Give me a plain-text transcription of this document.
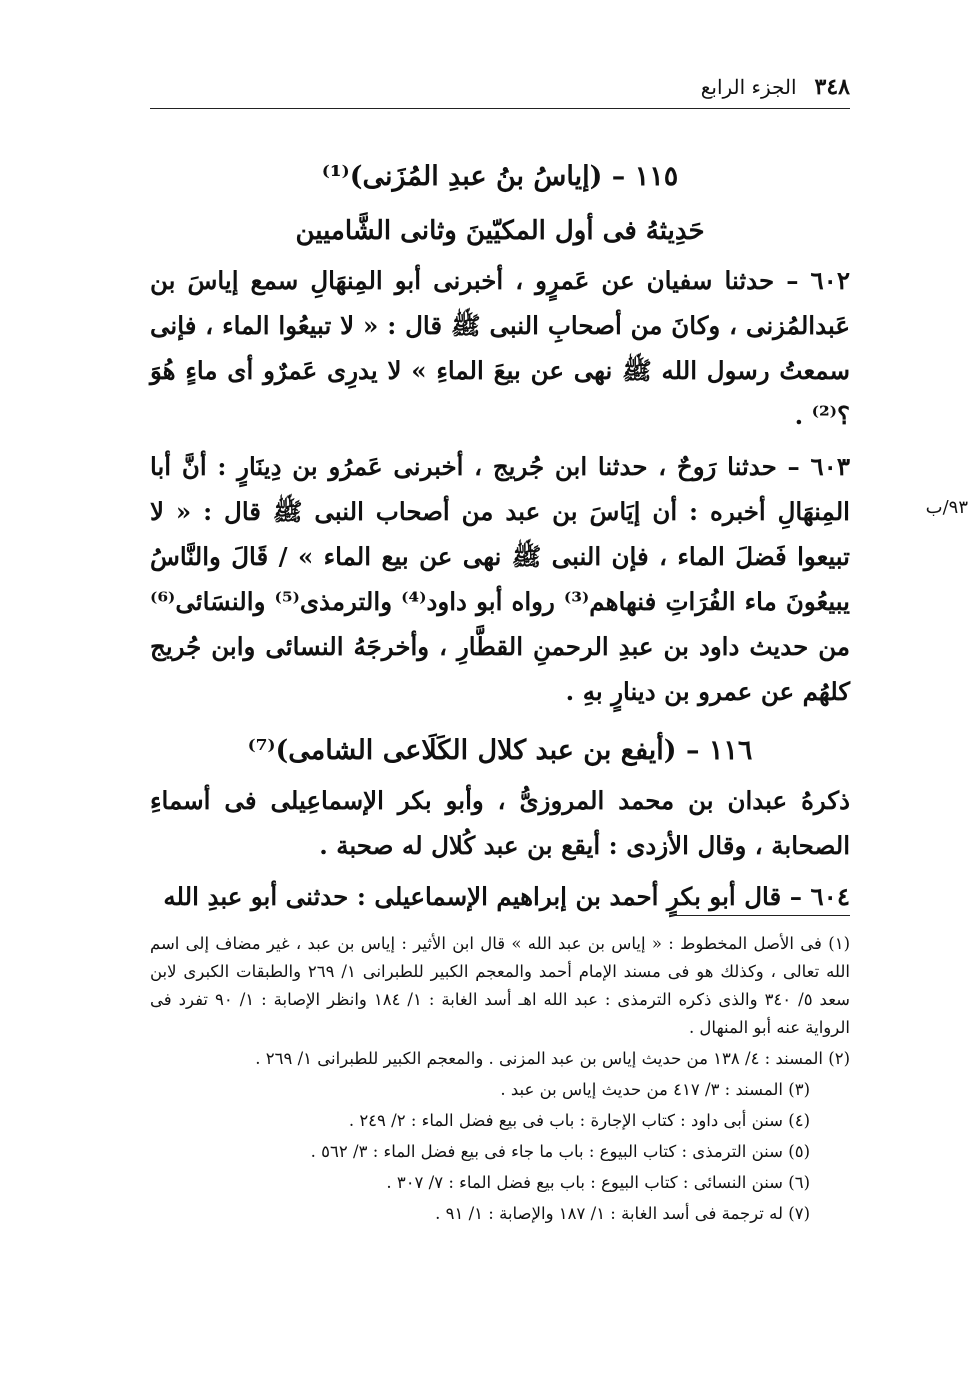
٣٤٨
الجزء الرابع
٩٣/ب
١١٥ – (إياسُ بنُ عبدِ المُزَنى)⁽¹⁾
حَدِيثهُ فى أول المكيّينَ وثانى الشَّاميين

٦٠٢ – حدثنا سفيان عن عَمرٍو ، أخبرنى أبو المِنهَالِ سمع إياسَ بن عَبدالمُزنى ، وكانَ من أصحابِ النبى ﷺ قال : « لا تبيعُوا الماء ، فإنى سمعتُ رسول الله ﷺ نهى عن بيعَ الماءِ » لا يدرِى عَمرٌو أى ماءٍ هُوَ ؟⁽²⁾ .

٦٠٣ – حدثنا رَوحٌ ، حدثنا ابن جُريج ، أخبرنى عَمرُو بن دِينَارٍ : أنَّ أبا المِنهَالِ أخبره : أن إيَاسَ بن عبد من أصحاب النبى ﷺ قال : « لا تبيعوا فَضلَ الماء ، فإن النبى ﷺ نهى عن بيع الماء » / قَالَ والنَّاسُ يبيعُونَ ماء الفُرَاتِ فنهاهم⁽³⁾ رواه أبو داود⁽⁴⁾ والترمذى⁽⁵⁾ والنسَائى⁽⁶⁾ من حديث داود بن عبدِ الرحمنِ القطَّارِ ، وأخرجَهُ النسائى وابن جُريج كلهُم عن عمرو بن دينارٍ بهِ .

١١٦ – (أيفع بن عبد كلال الكَلَاعى الشامى)⁽⁷⁾

ذكرهُ عبدان بن محمد المروزىُّ ، وأبو بكر الإسماعِيلى فى أسماءِ الصحابة ، وقال الأزدى : أيقع بن عبد كُلال له صحبة .

٦٠٤ – قال أبو بكرٍ أحمد بن إبراهيم الإسماعيلى : حدثنى أبو عبدِ الله

(١) فى الأصل المخطوط : « إياس بن عبد الله » قال ابن الأثير : إياس بن عبد ، غير مضاف إلى اسم الله تعالى ، وكذلك هو فى مسند الإمام أحمد والمعجم الكبير للطبرانى ١/ ٢٦٩ والطبقات الكبرى لابن سعد ٥/ ٣٤٠ والذى ذكره الترمذى : عبد الله اهـ أسد الغابة : ١/ ١٨٤ وانظر الإصابة : ١/ ٩٠ تفرد فى الرواية عنه أبو المنهال .

(٢) المسند : ٤/ ١٣٨ من حديث إياس بن عبد المزنى . والمعجم الكبير للطبرانى ١/ ٢٦٩ .

(٣) المسند : ٣/ ٤١٧ من حديث إياس بن عبد .

(٤) سنن أبى داود : كتاب الإجارة : باب فى بيع فضل الماء : ٢/ ٢٤٩ .

(٥) سنن الترمذى : كتاب البيوع : باب ما جاء فى بيع فضل الماء : ٣/ ٥٦٢ .

(٦) سنن النسائى : كتاب البيوع : باب بيع فضل الماء : ٧/ ٣٠٧ .

(٧) له ترجمة فى أسد الغابة : ١/ ١٨٧ والإصابة : ١/ ٩١ .
